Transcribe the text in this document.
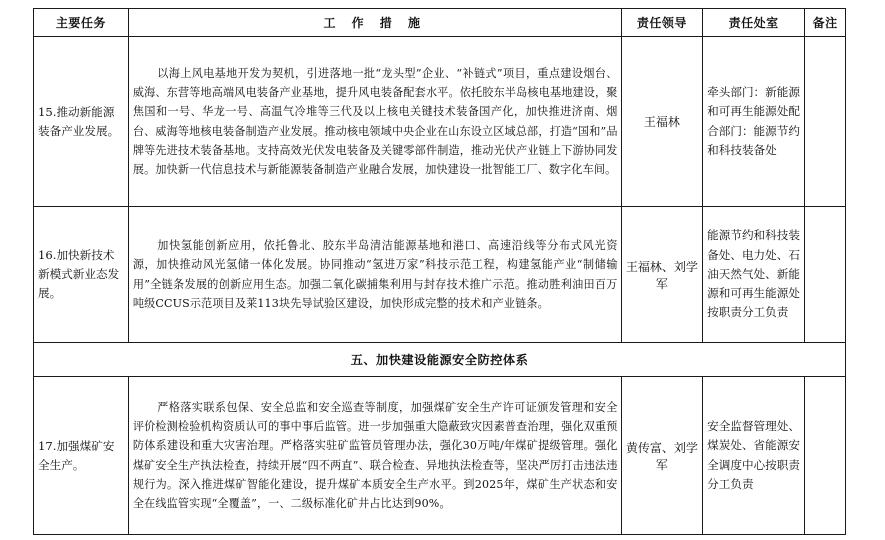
主要任务	工 作 措 施	责任领导	责任处室	备注
15.推动新能源装备产业发展。	以海上风电基地开发为契机，引进落地一批“龙头型”企业、“补链式”项目，重点建设烟台、威海、东营等地高端风电装备产业基地，提升风电装备配套水平。依托胶东半岛核电基地建设，聚焦国和一号、华龙一号、高温气冷堆等三代及以上核电关键技术装备国产化，加快推进济南、烟台、威海等地核电装备制造产业发展。推动核电领域中央企业在山东设立区域总部，打造“国和”品牌等先进技术装备基地。支持高效光伏发电装备及关键零部件制造，推动光伏产业链上下游协同发展。加快新一代信息技术与新能源装备制造产业融合发展，加快建设一批智能工厂、数字化车间。	王福林	牵头部门：新能源和可再生能源处配合部门：能源节约和科技装备处	
16.加快新技术新模式新业态发展。	加快氢能创新应用，依托鲁北、胶东半岛清洁能源基地和港口、高速沿线等分布式风光资源，加快推动风光氢储一体化发展。协同推动“氢进万家”科技示范工程，构建氢能产业“制储输用”全链条发展的创新应用生态。加强二氧化碳捕集利用与封存技术推广示范。推动胜利油田百万吨级CCUS示范项目及莱113块先导试验区建设，加快形成完整的技术和产业链条。	王福林、刘学军	能源节约和科技装备处、电力处、石油天然气处、新能源和可再生能源处按职责分工负责	
五、加快建设能源安全防控体系				
17.加强煤矿安全生产。	严格落实联系包保、安全总监和安全巡查等制度，加强煤矿安全生产许可证颁发管理和安全评价检测检验机构资质认可的事中事后监管。进一步加强重大隐蔽致灾因素普查治理，强化双重预防体系建设和重大灾害治理。严格落实驻矿监管员管理办法，强化30万吨/年煤矿提级管理。强化煤矿安全生产执法检查，持续开展“四不两直”、联合检查、异地执法检查等，坚决严厉打击违法违规行为。深入推进煤矿智能化建设，提升煤矿本质安全生产水平。到2025年，煤矿生产状态和安全在线监管实现“全覆盖”，一、二级标准化矿井占比达到90%。	黄传富、刘学军	安全监督管理处、煤炭处、省能源安全调度中心按职责分工负责	
